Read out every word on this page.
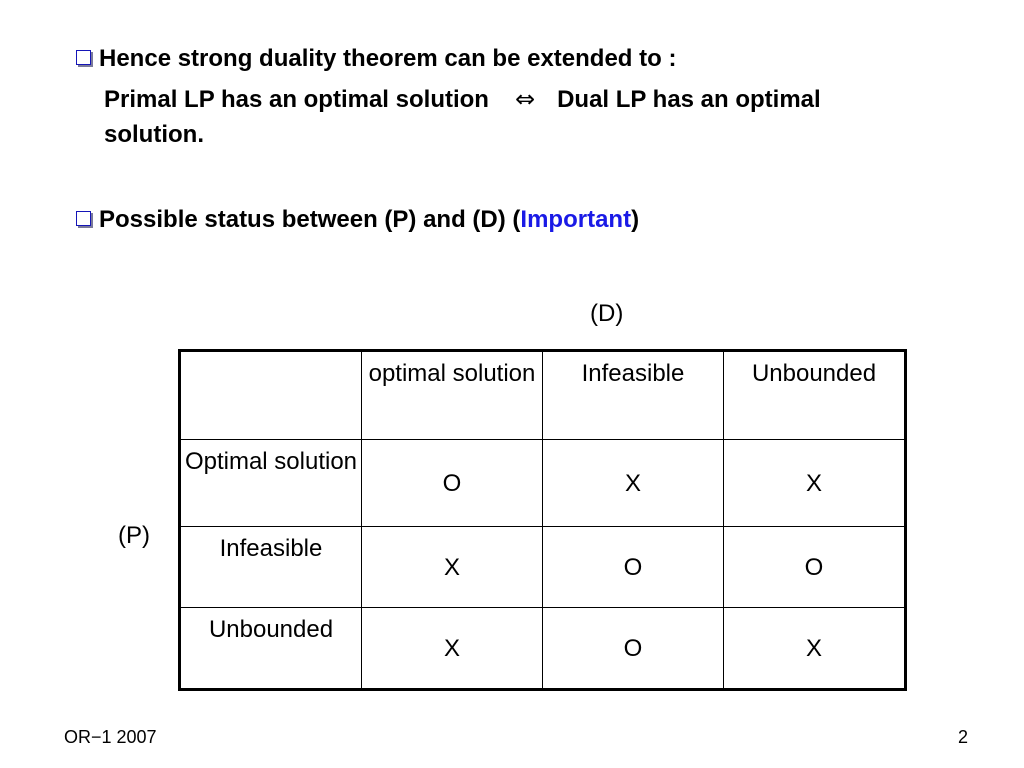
Hence strong duality theorem can be extended to :
Primal LP has an optimal solution ⇔ Dual LP has an optimal
solution.
Possible status between (P) and (D) (Important)
(D)
(P)
	optimal solution	Infeasible	Unbounded
Optimal solution	O	X	X
Infeasible	X	O	O
Unbounded	X	O	X
OR−1 2007	2
